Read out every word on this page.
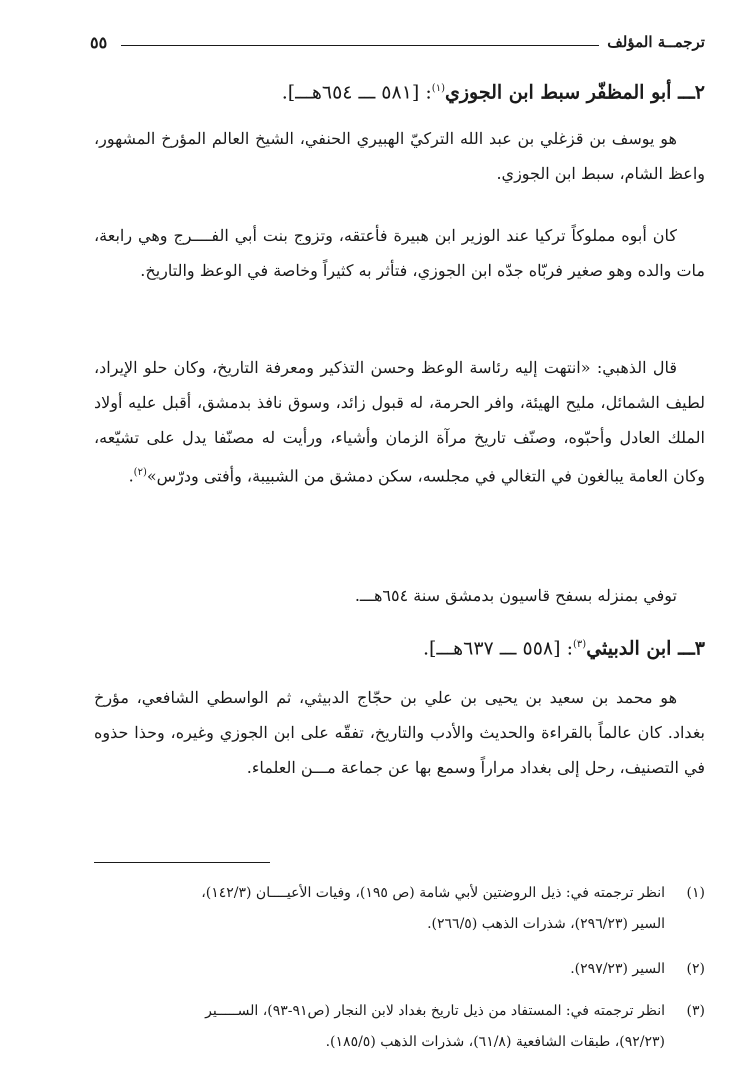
ترجمــة المؤلف
٥٥
٢ـــ أبو المظفّر سبط ابن الجوزي$^{(١)}$: [٥٨١ ـــ ٦٥٤هـــ].
هو يوسف بن قزغلي بن عبد الله التركيّ الهبيري الحنفي، الشيخ العالم المؤرخ المشهور، واعظ الشام، سبط ابن الجوزي.
كان أبوه مملوكاً تركيا عند الوزير ابن هبيرة فأعتقه، وتزوج بنت أبي الفــــرج وهي رابعة، مات والده وهو صغير فربّاه جدّه ابن الجوزي، فتأثر به كثيراً وخاصة في الوعظ والتاريخ.
قال الذهبي: «انتهت إليه رئاسة الوعظ وحسن التذكير ومعرفة التاريخ، وكان حلو الإيراد، لطيف الشمائل، مليح الهيئة، وافر الحرمة، له قبول زائد، وسوق نافذ بدمشق، أقبل عليه أولاد الملك العادل وأحبّوه، وصنّف تاريخ مرآة الزمان وأشياء، ورأيت له مصنّفا يدل على تشيّعه، وكان العامة يبالغون في التغالي في مجلسه، سكن دمشق من الشبيبة، وأفتى ودرّس»$^{(٢)}$.
توفي بمنزله بسفح قاسيون بدمشق سنة ٦٥٤هـــ.
٣ـــ ابن الدبيثي$^{(٣)}$: [٥٥٨ ـــ ٦٣٧هـــ].
هو محمد بن سعيد بن يحيى بن علي بن حجّاج الدبيثي، ثم الواسطي الشافعي، مؤرخ بغداد. كان عالماً بالقراءة والحديث والأدب والتاريخ، تفقّه على ابن الجوزي وغيره، وحذا حذوه في التصنيف، رحل إلى بغداد مراراً وسمع بها عن جماعة مـــن العلماء.
(١)انظر ترجمته في: ذيل الروضتين لأبي شامة (ص ١٩٥)، وفيات الأعيــــان (١٤٢/٣)،
السير (٢٩٦/٢٣)، شذرات الذهب (٢٦٦/٥).
(٢)السير (٢٩٧/٢٣).
(٣)انظر ترجمته في: المستفاد من ذيل تاريخ بغداد لابن النجار (ص٩١-٩٣)، الســـــير
(٩٢/٢٣)، طبقات الشافعية (٦١/٨)، شذرات الذهب (١٨٥/٥).
